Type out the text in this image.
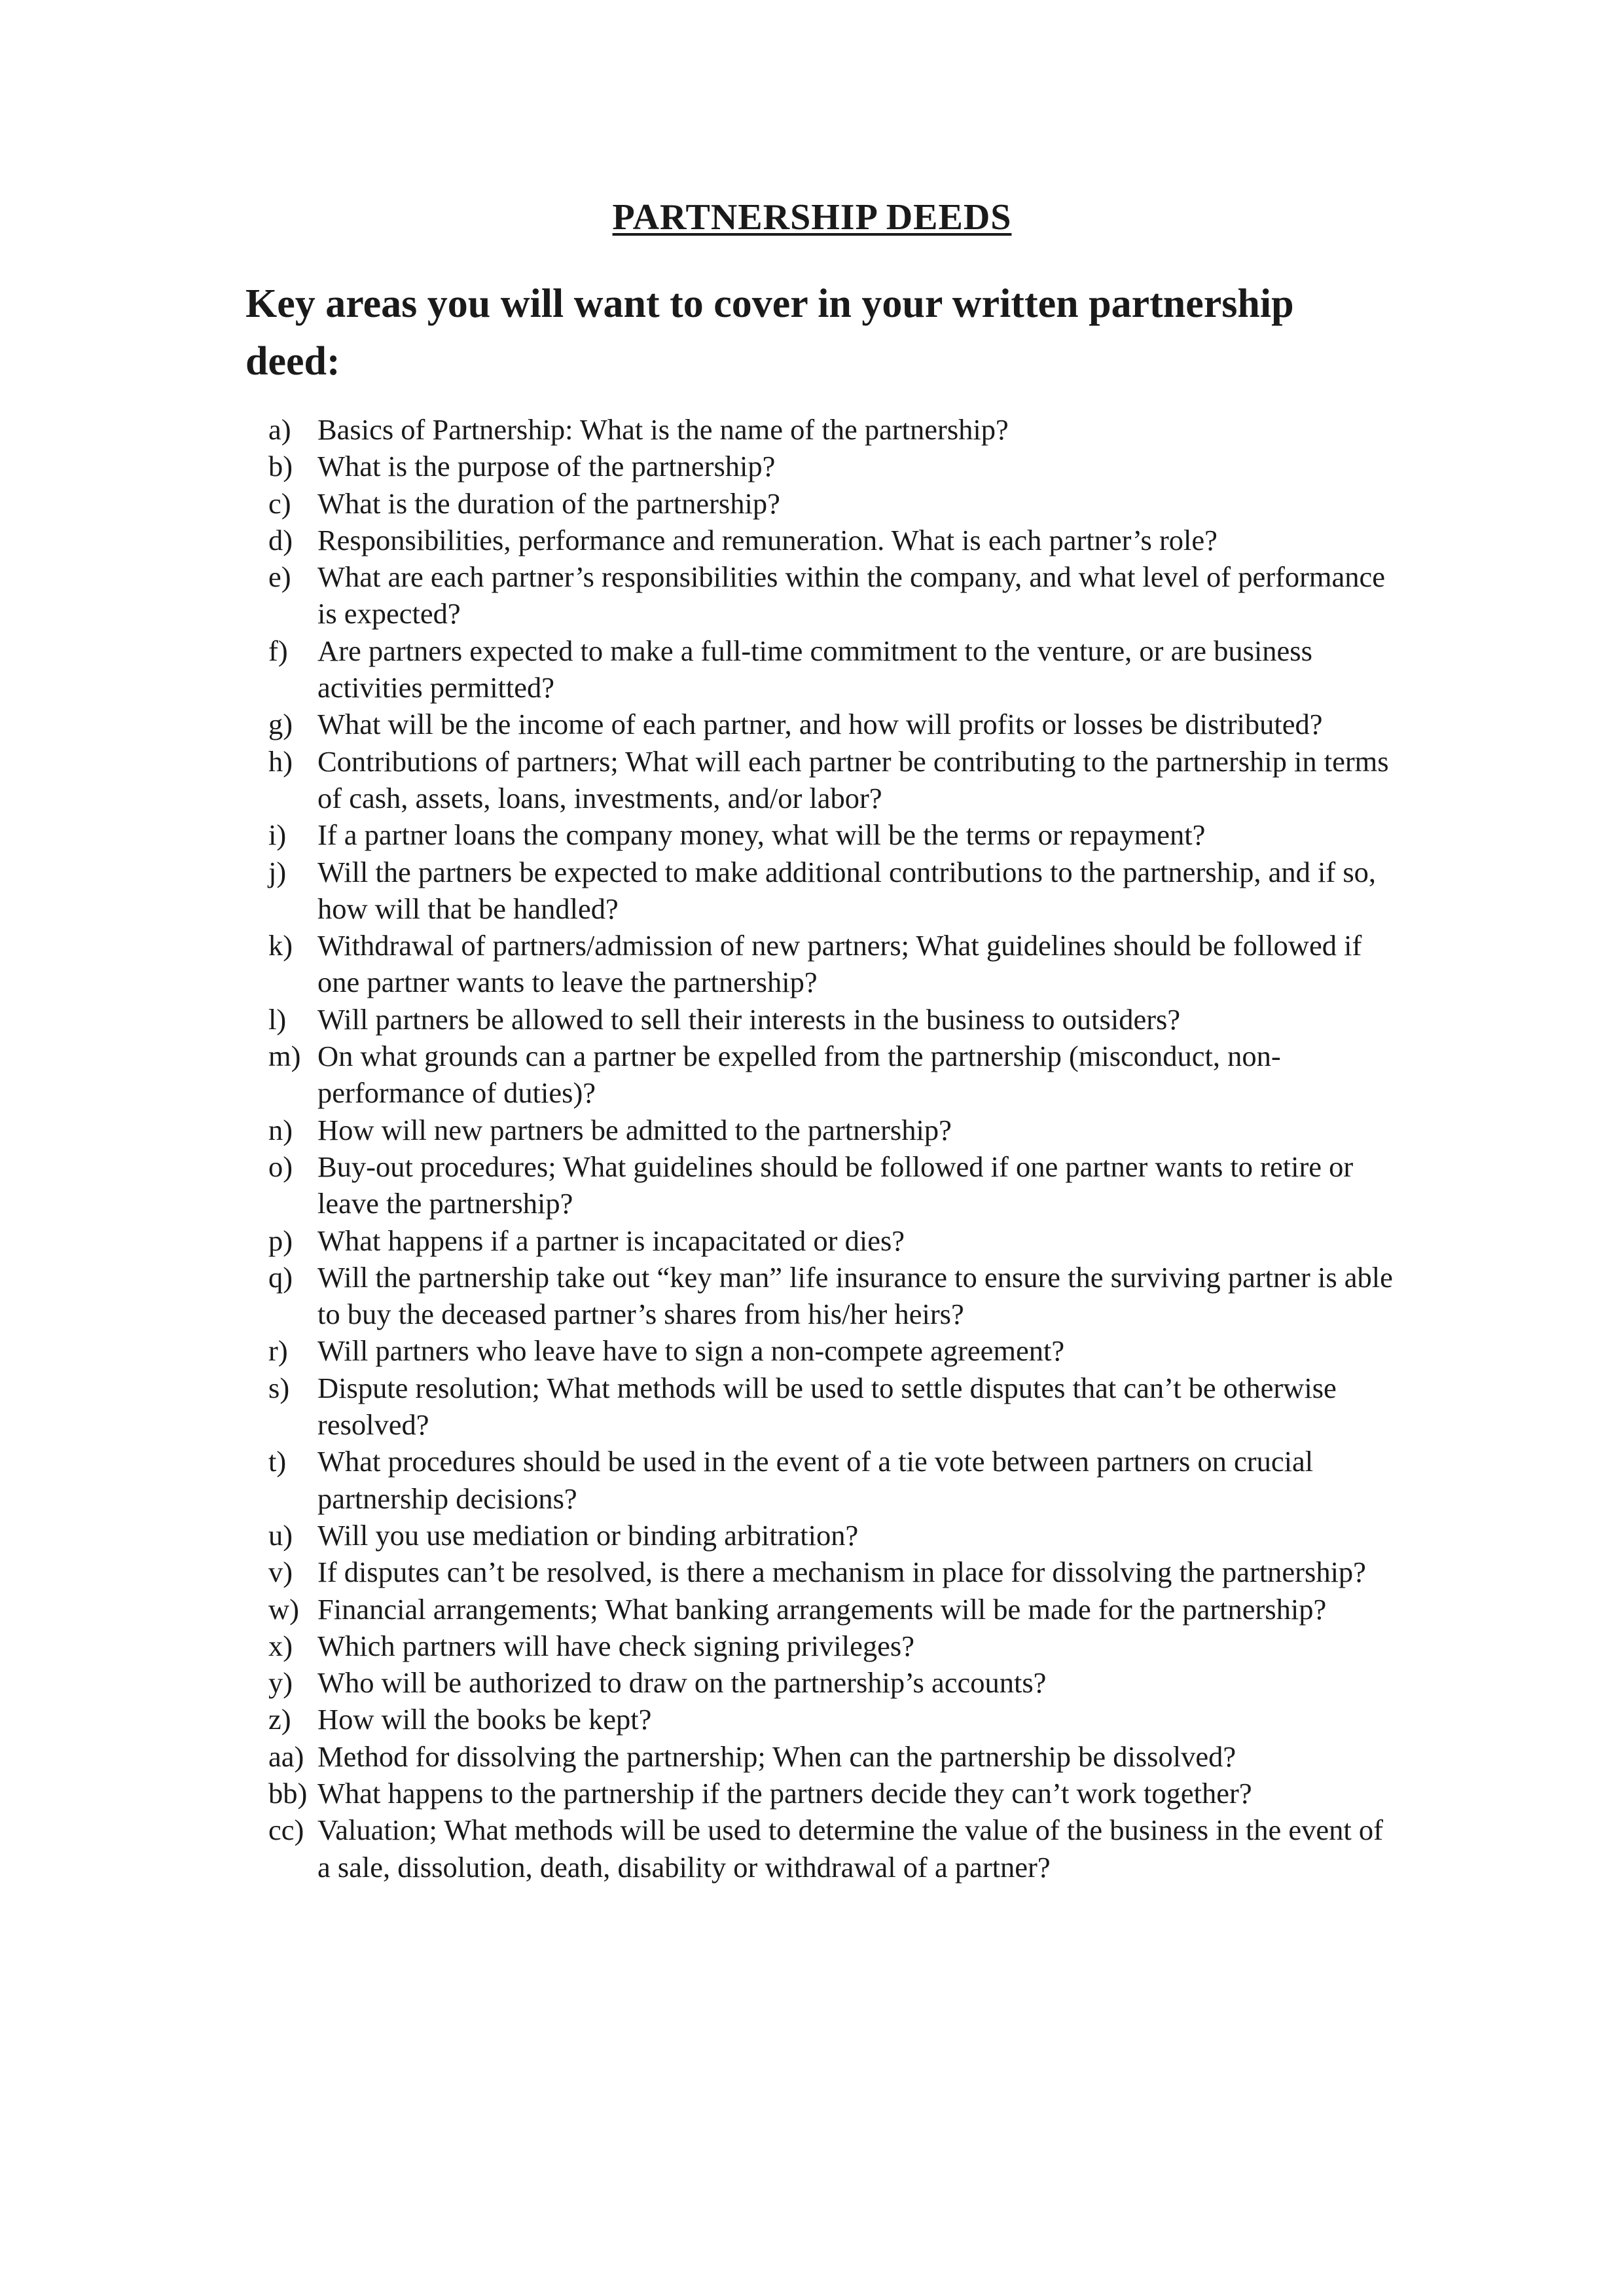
PARTNERSHIP DEEDS
Key areas you will want to cover in your written partnership deed:
a) Basics of Partnership: What is the name of the partnership?
b) What is the purpose of the partnership?
c) What is the duration of the partnership?
d) Responsibilities, performance and remuneration. What is each partner’s role?
e) What are each partner’s responsibilities within the company, and what level of performance is expected?
f) Are partners expected to make a full-time commitment to the venture, or are business activities permitted?
g) What will be the income of each partner, and how will profits or losses be distributed?
h) Contributions of partners; What will each partner be contributing to the partnership in terms of cash, assets, loans, investments, and/or labor?
i) If a partner loans the company money, what will be the terms or repayment?
j) Will the partners be expected to make additional contributions to the partnership, and if so, how will that be handled?
k) Withdrawal of partners/admission of new partners; What guidelines should be followed if one partner wants to leave the partnership?
l) Will partners be allowed to sell their interests in the business to outsiders?
m) On what grounds can a partner be expelled from the partnership (misconduct, non-performance of duties)?
n) How will new partners be admitted to the partnership?
o) Buy-out procedures; What guidelines should be followed if one partner wants to retire or leave the partnership?
p) What happens if a partner is incapacitated or dies?
q) Will the partnership take out “key man” life insurance to ensure the surviving partner is able to buy the deceased partner’s shares from his/her heirs?
r) Will partners who leave have to sign a non-compete agreement?
s) Dispute resolution; What methods will be used to settle disputes that can’t be otherwise resolved?
t) What procedures should be used in the event of a tie vote between partners on crucial partnership decisions?
u) Will you use mediation or binding arbitration?
v) If disputes can’t be resolved, is there a mechanism in place for dissolving the partnership?
w) Financial arrangements; What banking arrangements will be made for the partnership?
x) Which partners will have check signing privileges?
y) Who will be authorized to draw on the partnership’s accounts?
z) How will the books be kept?
aa) Method for dissolving the partnership; When can the partnership be dissolved?
bb) What happens to the partnership if the partners decide they can’t work together?
cc) Valuation; What methods will be used to determine the value of the business in the event of a sale, dissolution, death, disability or withdrawal of a partner?
